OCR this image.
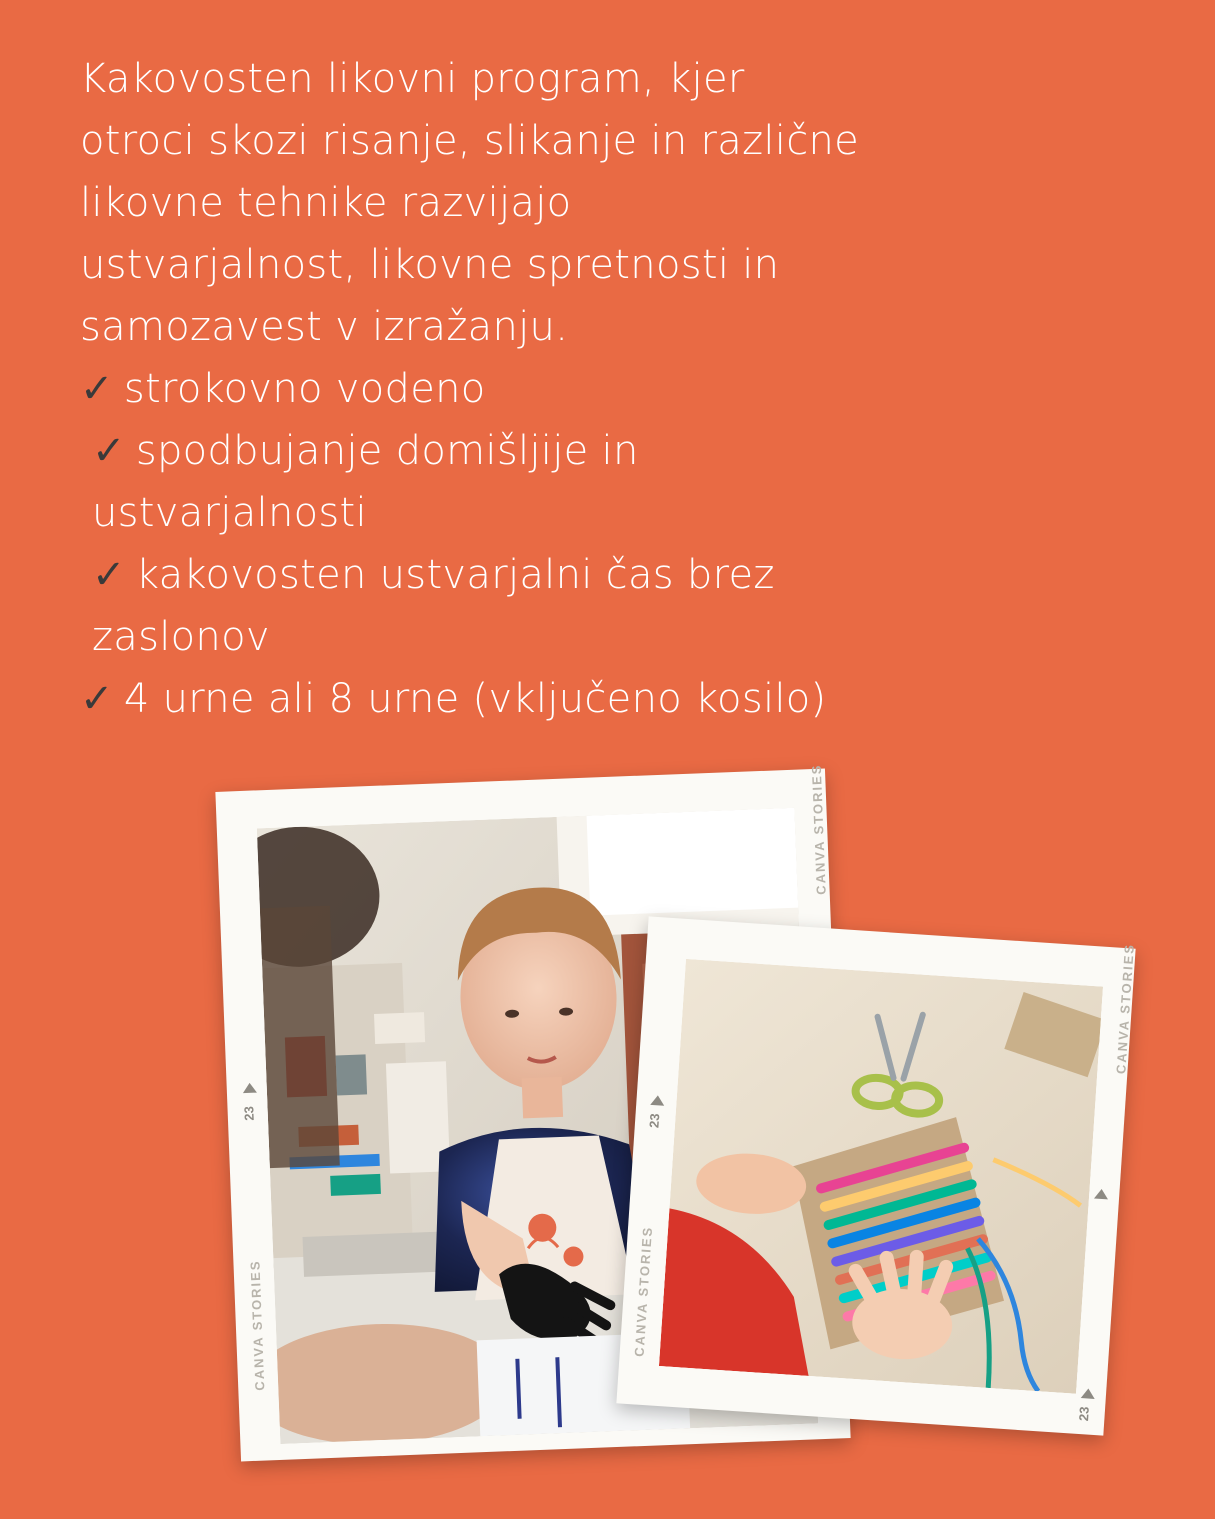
Kakovosten likovni program, kjer otroci skozi risanje, slikanje in različne likovne tehnike razvijajo ustvarjalnost, likovne spretnosti in samozavest v izražanju.

✓ strokovno vodeno

✓ spodbujanje domišljije in ustvarjalnosti

✓ kakovosten ustvarjalni čas brez zaslonov

✓ 4 urne ali 8 urne (vključeno kosilo)

CANVA STORIES
CANVA STORIES
23
CANVA STORIES
CANVA STORIES
23
23
